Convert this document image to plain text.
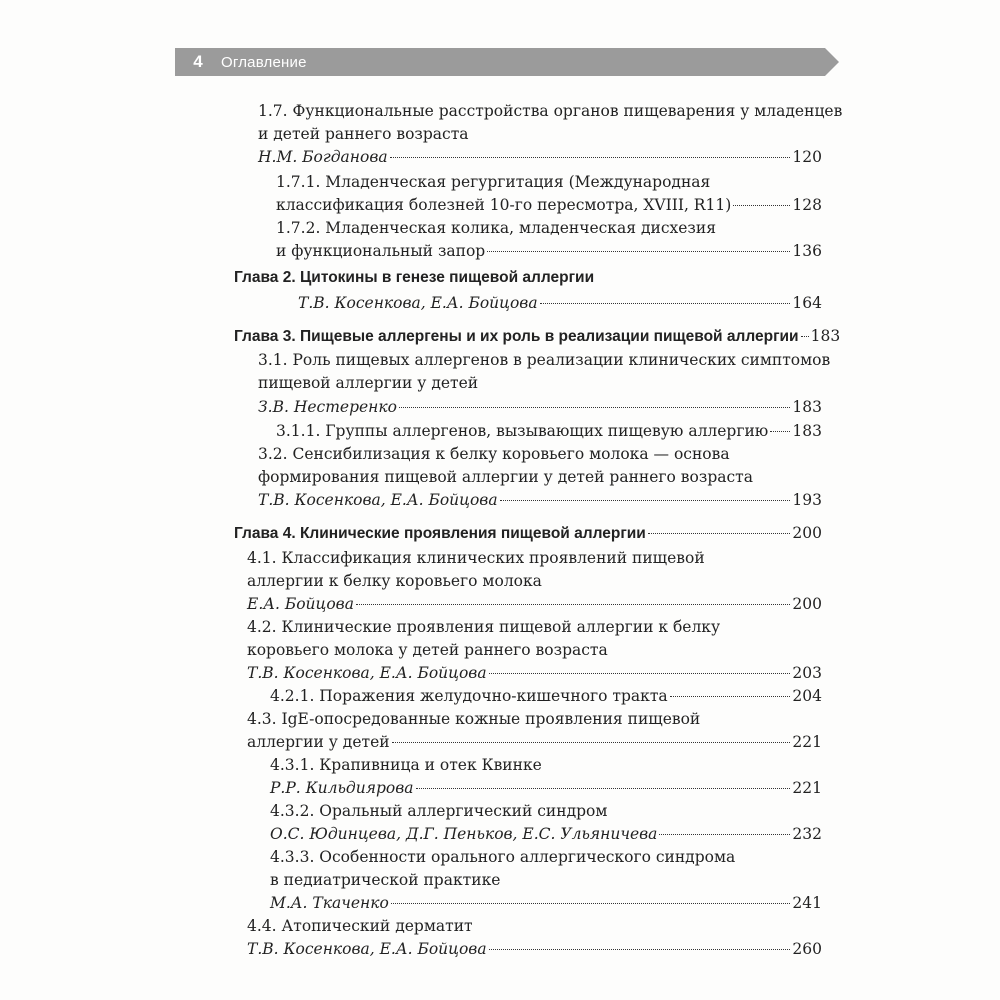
4	Оглавление
1.7. Функциональные расстройства органов пищеварения у младенцев
и детей раннего возраста
Н.М. Богданова	120
1.7.1. Младенческая регургитация (Международная
классификация болезней 10-го пересмотра, XVIII, R11)	128
1.7.2. Младенческая колика, младенческая дисхезия
и функциональный запор	136
Глава 2. Цитокины в генезе пищевой аллергии
Т.В. Косенкова, Е.А. Бойцова	164
Глава 3. Пищевые аллергены и их роль в реализации пищевой аллергии 183
3.1. Роль пищевых аллергенов в реализации клинических симптомов
пищевой аллергии у детей
З.В. Нестеренко	183
3.1.1. Группы аллергенов, вызывающих пищевую аллергию 183
3.2. Сенсибилизация к белку коровьего молока — основа
формирования пищевой аллергии у детей раннего возраста
Т.В. Косенкова, Е.А. Бойцова	193
Глава 4. Клинические проявления пищевой аллергии	200
4.1. Классификация клинических проявлений пищевой
аллергии к белку коровьего молока
Е.А. Бойцова	200
4.2. Клинические проявления пищевой аллергии к белку
коровьего молока у детей раннего возраста
Т.В. Косенкова, Е.А. Бойцова	203
4.2.1. Поражения желудочно-кишечного тракта	204
4.3. IgE-опосредованные кожные проявления пищевой
аллергии у детей	221
4.3.1. Крапивница и отек Квинке
Р.Р. Кильдиярова	221
4.3.2. Оральный аллергический синдром
О.С. Юдинцева, Д.Г. Пеньков, Е.С. Ульяничева	232
4.3.3. Особенности орального аллергического синдрома
в педиатрической практике
М.А. Ткаченко	241
4.4. Атопический дерматит
Т.В. Косенкова, Е.А. Бойцова	260
